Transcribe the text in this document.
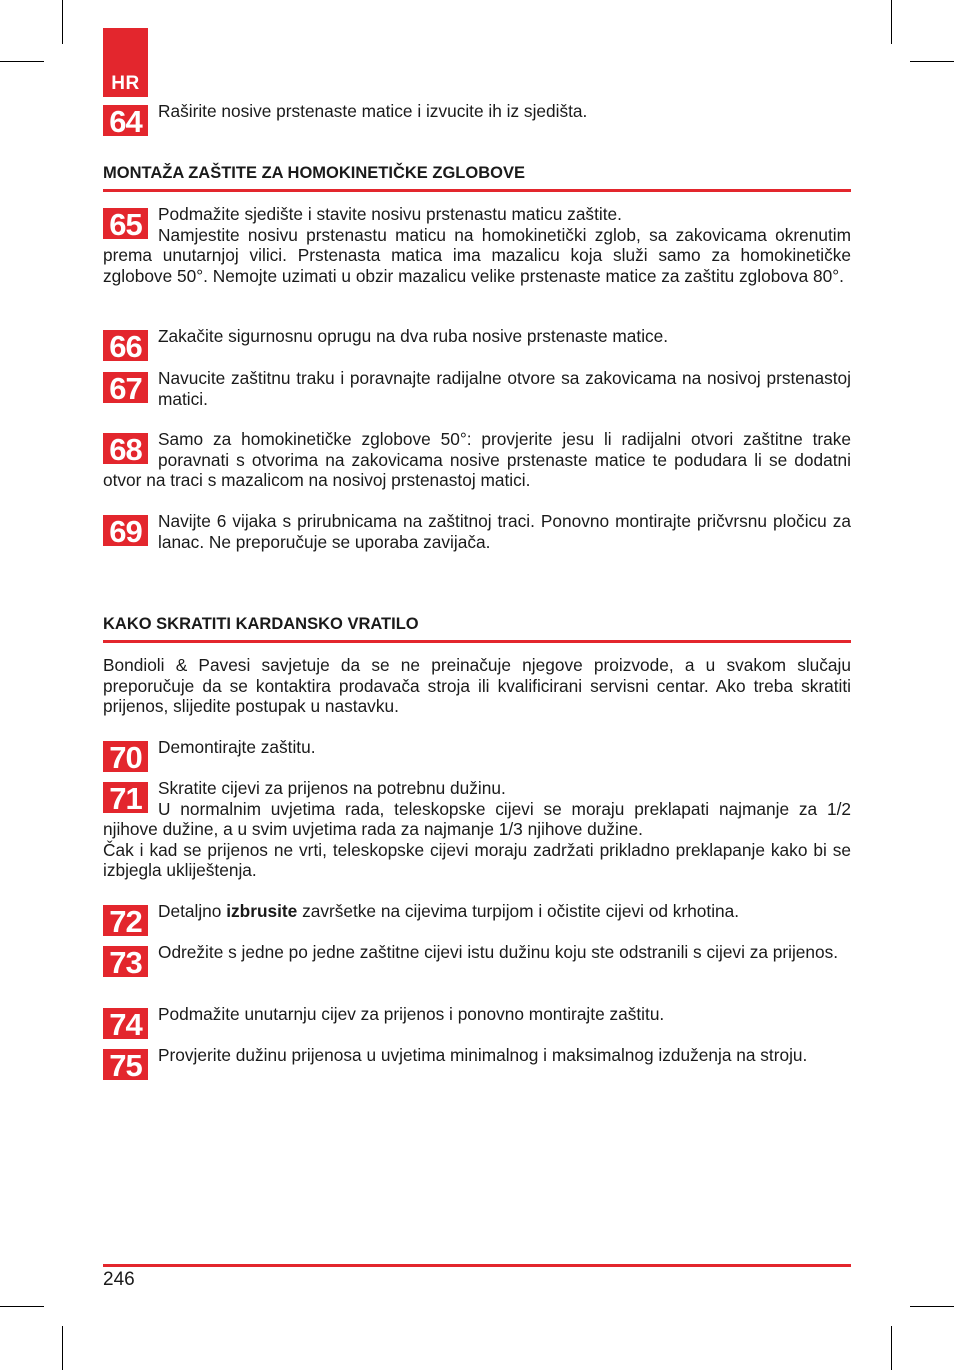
HR
64 Raširite nosive prstenaste matice i izvucite ih iz sjedišta.

MONTAŽA ZAŠTITE ZA HOMOKINETIČKE ZGLOBOVE
65 Podmažite sjedište i stavite nosivu prstenastu maticu zaštite.

Namjestite nosivu prstenastu maticu na homokinetički zglob, sa zakovicama okrenutim prema unutarnjoj vilici. Prstenasta matica ima mazalicu koja služi samo za homokinetičke zglobove 50°. Nemojte uzimati u obzir mazalicu velike prstenaste matice za zaštitu zglobova 80°.

66 Zakačite sigurnosnu oprugu na dva ruba nosive prstenaste matice.

67 Navucite zaštitnu traku i poravnajte radijalne otvore sa zakovicama na nosivoj prstenastoj matici.

68 Samo za homokinetičke zglobove 50°: provjerite jesu li radijalni otvori zaštitne trake poravnati s otvorima na zakovicama nosive prstenaste matice te podudara li se dodatni otvor na traci s mazalicom na nosivoj prstenastoj matici.

69 Navijte 6 vijaka s prirubnicama na zaštitnoj traci. Ponovno montirajte pričvrsnu pločicu za lanac. Ne preporučuje se uporaba zavijača.

KAKO SKRATITI KARDANSKO VRATILO

Bondioli & Pavesi savjetuje da se ne preinačuje njegove proizvode, a u svakom slučaju preporučuje da se kontaktira prodavača stroja ili kvalificirani servisni centar. Ako treba skratiti prijenos, slijedite postupak u nastavku.

70 Demontirajte zaštitu.

71 Skratite cijevi za prijenos na potrebnu dužinu.

U normalnim uvjetima rada, teleskopske cijevi se moraju preklapati najmanje za 1/2 njihove dužine, a u svim uvjetima rada za najmanje 1/3 njihove dužine.

Čak i kad se prijenos ne vrti, teleskopske cijevi moraju zadržati prikladno preklapanje kako bi se izbjegla ukliještenja.

72 Detaljno izbrusite završetke na cijevima turpijom i očistite cijevi od krhotina.

73 Odrežite s jedne po jedne zaštitne cijevi istu dužinu koju ste odstranili s cijevi za prijenos.

74 Podmažite unutarnju cijev za prijenos i ponovno montirajte zaštitu.

75 Provjerite dužinu prijenosa u uvjetima minimalnog i maksimalnog izduženja na stroju.

246
